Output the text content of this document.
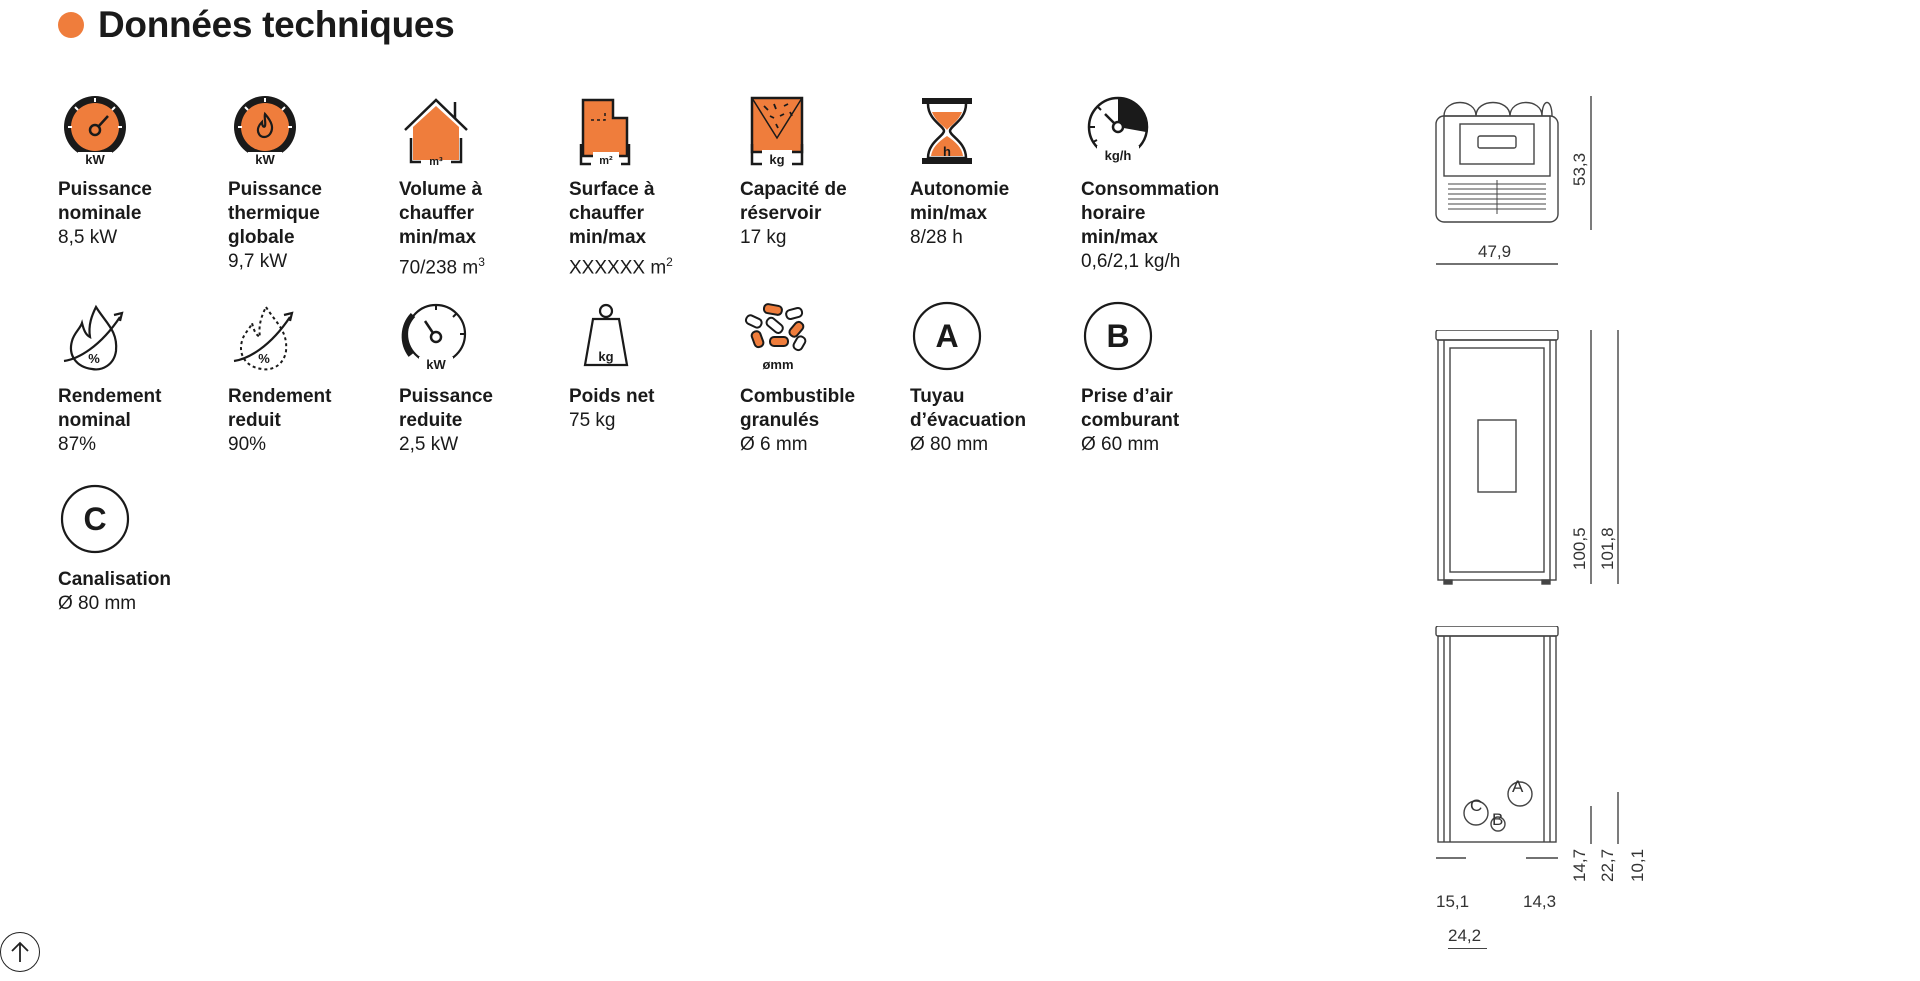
Données techniques
kW
Puissance
nominale
8,5 kW
kW
Puissance
thermique
globale
9,7 kW
m³
Volume à
chauffer
min/max
70/238 $m^3$
m²
Surface à
chauffer
min/max
XXXXXX $m^2$
kg
Capacité de
réservoir
17 kg
h
Autonomie
min/max
8/28 h
kg/h
Consommation
horaire
min/max
0,6/2,1 kg/h
%
Rendement
nominal
87%
%
Rendement
reduit
90%
kW
Puissance
reduite
2,5 kW
kg
Poids net
75 kg
ømm
Combustible
granulés
Ø 6 mm
A
Tuyau
d’évacuation
Ø 80 mm
B
Prise d’air
comburant
Ø 60 mm
C
Canalisation
Ø 80 mm
47,9
53,3
100,5 101,8
C
A
B
14,7 22,7 10,1
15,1	14,3
24,2
